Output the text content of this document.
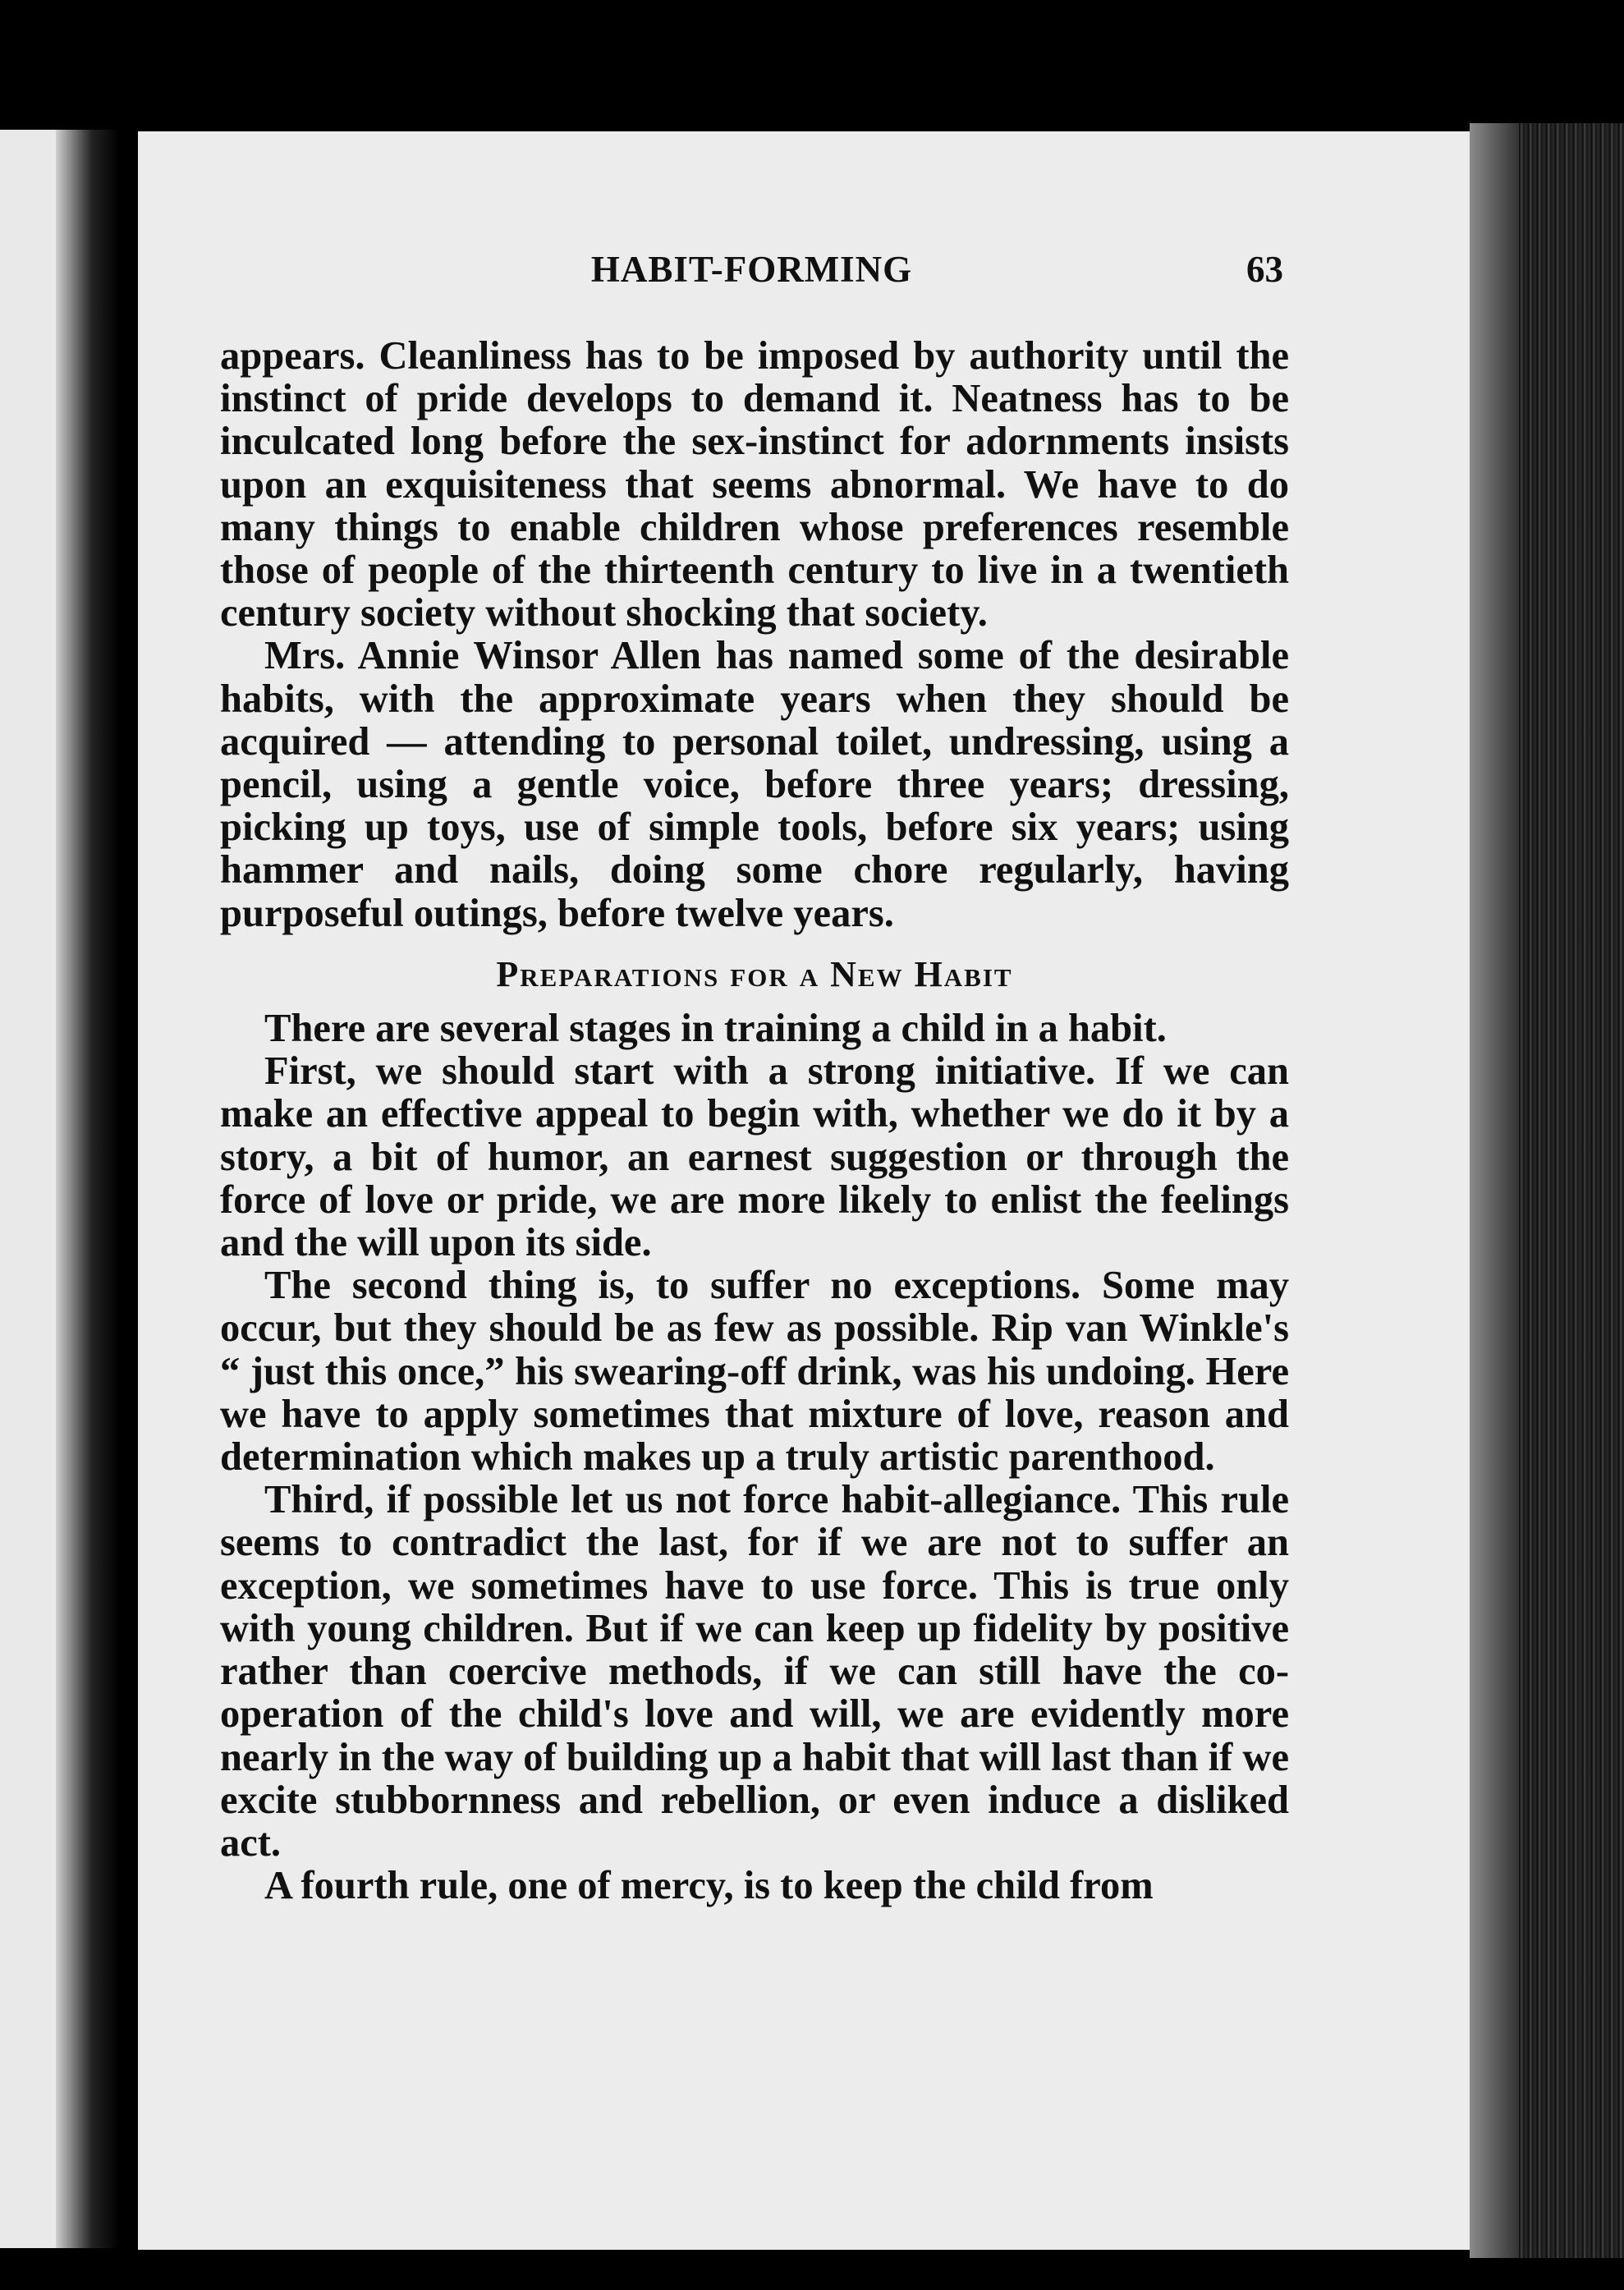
HABIT-FORMING	63

appears. Cleanliness has to be imposed by authority until the instinct of pride develops to demand it. Neatness has to be inculcated long before the sex-instinct for adornments insists upon an exquisiteness that seems abnormal. We have to do many things to enable children whose preferences resemble those of people of the thirteenth century to live in a twentieth century society without shocking that society.

Mrs. Annie Winsor Allen has named some of the desirable habits, with the approximate years when they should be acquired — attending to personal toilet, undressing, using a pencil, using a gentle voice, before three years; dressing, picking up toys, use of simple tools, before six years; using hammer and nails, doing some chore regularly, having purposeful outings, before twelve years.

Preparations for a New Habit

There are several stages in training a child in a habit.

First, we should start with a strong initiative. If we can make an effective appeal to begin with, whether we do it by a story, a bit of humor, an earnest suggestion or through the force of love or pride, we are more likely to enlist the feelings and the will upon its side.

The second thing is, to suffer no exceptions. Some may occur, but they should be as few as possible. Rip van Winkle's “ just this once,” his swearing-off drink, was his undoing. Here we have to apply sometimes that mixture of love, reason and determination which makes up a truly artistic parenthood.

Third, if possible let us not force habit-allegiance. This rule seems to contradict the last, for if we are not to suffer an exception, we sometimes have to use force. This is true only with young children. But if we can keep up fidelity by positive rather than coercive methods, if we can still have the co-operation of the child's love and will, we are evidently more nearly in the way of building up a habit that will last than if we excite stubbornness and rebellion, or even induce a disliked act.

A fourth rule, one of mercy, is to keep the child from
